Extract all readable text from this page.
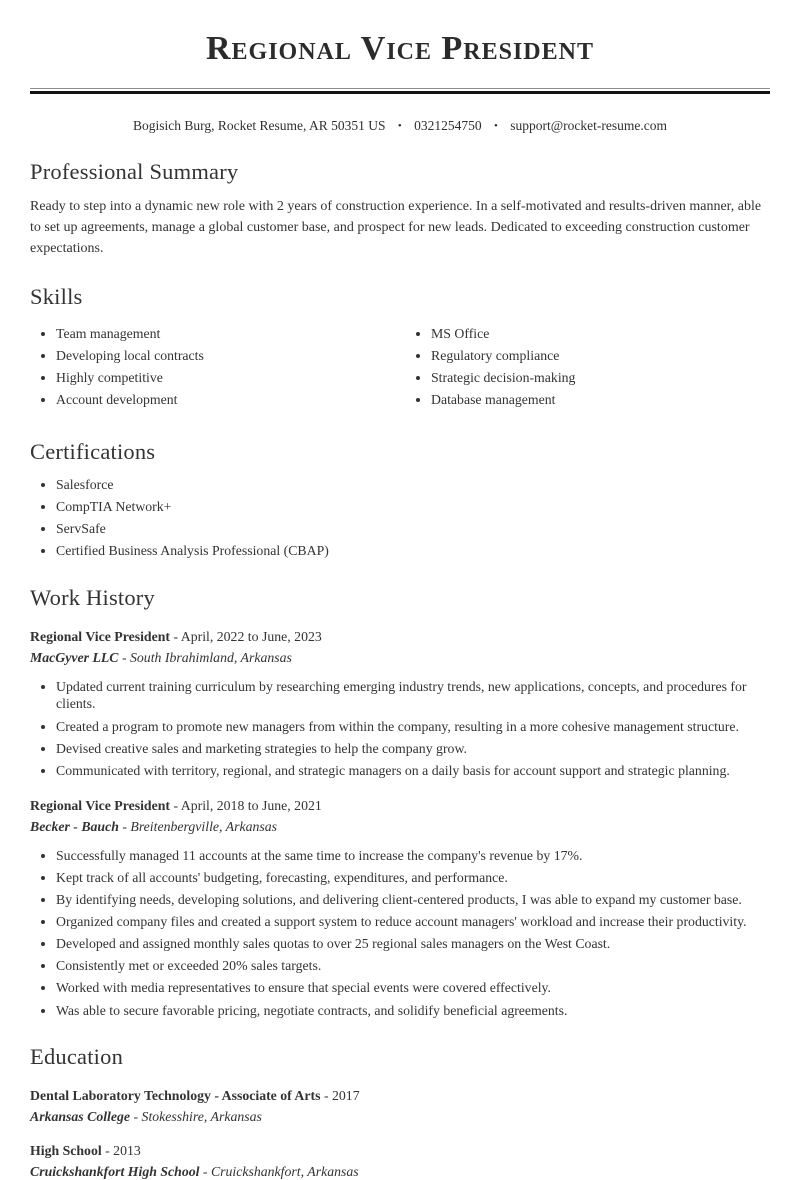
Regional Vice President

Bogisich Burg, Rocket Resume, AR 50351 US • 0321254750 • support@rocket-resume.com

Professional Summary

Ready to step into a dynamic new role with 2 years of construction experience. In a self-motivated and results-driven manner, able to set up agreements, manage a global customer base, and prospect for new leads. Dedicated to exceeding construction customer expectations.

Skills
• Team management
• Developing local contracts
• Highly competitive
• Account development
• MS Office
• Regulatory compliance
• Strategic decision-making
• Database management
Certifications
• Salesforce
• CompTIA Network+
• ServSafe
• Certified Business Analysis Professional (CBAP)
Work History

Regional Vice President - April, 2022 to June, 2023

MacGyver LLC - South Ibrahimland, Arkansas

• Updated current training curriculum by researching emerging industry trends, new applications, concepts, and procedures for clients.
• Created a program to promote new managers from within the company, resulting in a more cohesive management structure.
• Devised creative sales and marketing strategies to help the company grow.
• Communicated with territory, regional, and strategic managers on a daily basis for account support and strategic planning.

Regional Vice President - April, 2018 to June, 2021

Becker - Bauch - Breitenbergville, Arkansas

• Successfully managed 11 accounts at the same time to increase the company's revenue by 17%.
• Kept track of all accounts' budgeting, forecasting, expenditures, and performance.
• By identifying needs, developing solutions, and delivering client-centered products, I was able to expand my customer base.
• Organized company files and created a support system to reduce account managers' workload and increase their productivity.
• Developed and assigned monthly sales quotas to over 25 regional sales managers on the West Coast.
• Consistently met or exceeded 20% sales targets.
• Worked with media representatives to ensure that special events were covered effectively.
• Was able to secure favorable pricing, negotiate contracts, and solidify beneficial agreements.
Education

Dental Laboratory Technology - Associate of Arts - 2017

Arkansas College - Stokesshire, Arkansas

High School - 2013

Cruickshankfort High School - Cruickshankfort, Arkansas
